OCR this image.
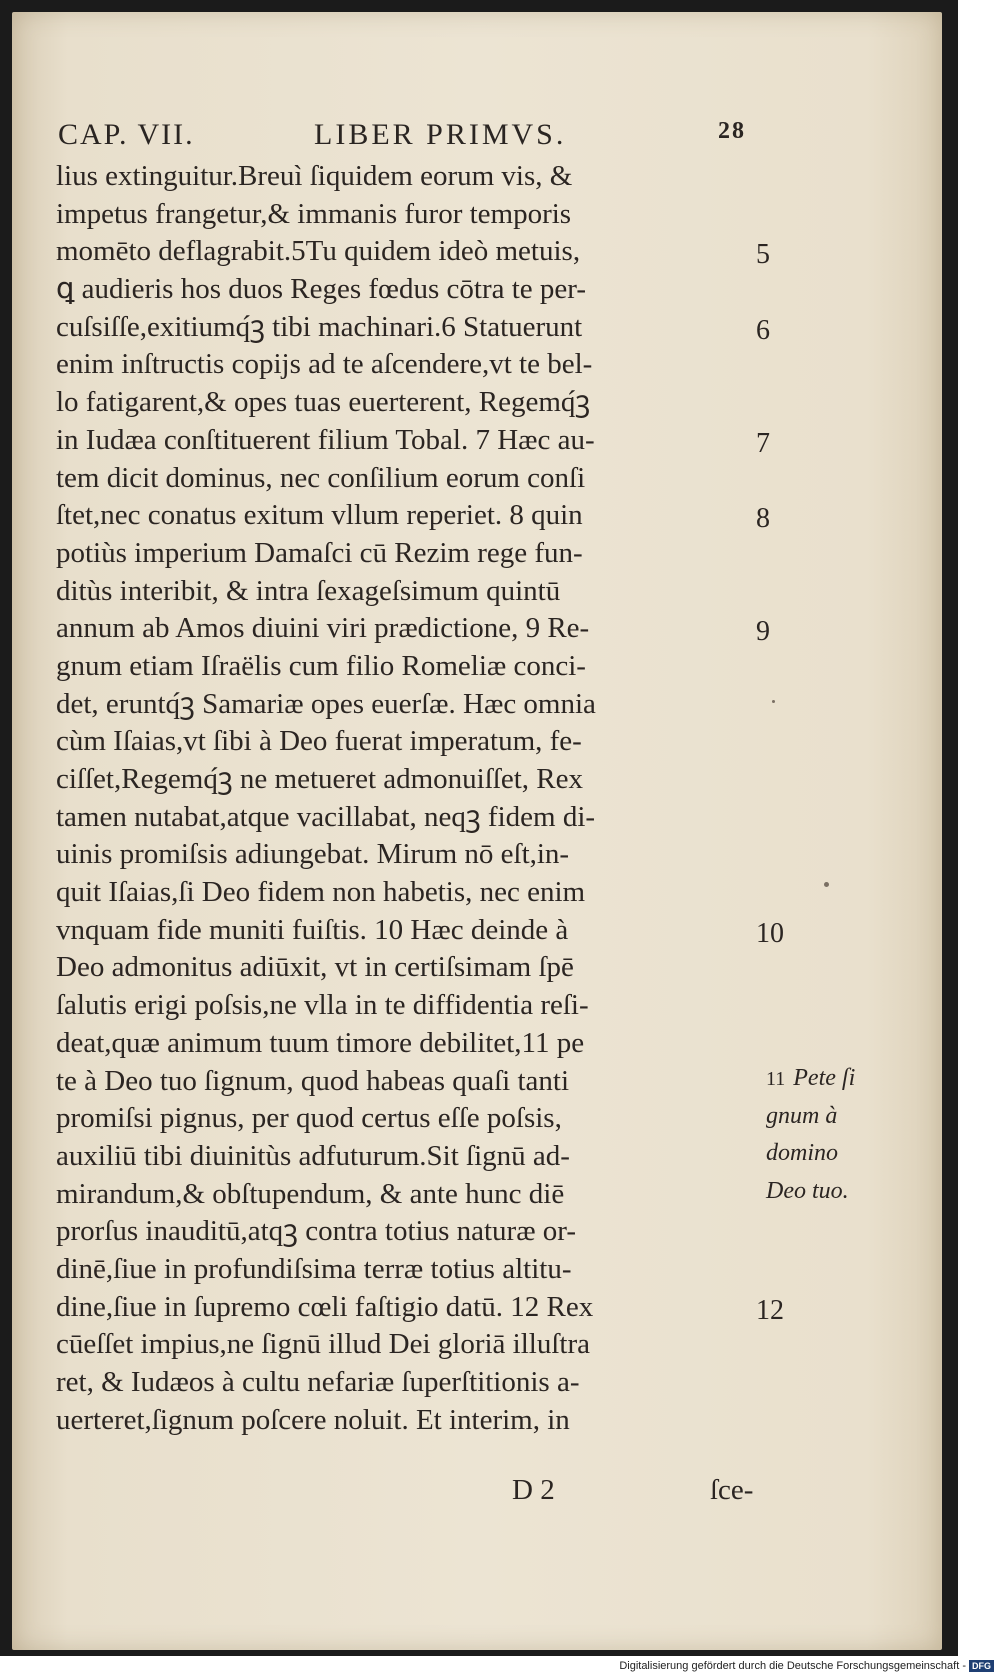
CAP. VII.	LIBER PRIMVS.	28
lius extinguitur.Breuì ſiquidem eorum vis, &
impetus frangetur,& immanis furor temporis
momēto deflagrabit.5Tu quidem ideò metuis,
ꝗ audieris hos duos Reges fœdus cōtra te per-
cuſsiſſe,exitiumq́ꝫ tibi machinari.6 Statuerunt
enim inſtructis copijs ad te aſcendere,vt te bel-
lo fatigarent,& opes tuas euerterent, Regemq́ꝫ
in Iudæa conſtituerent filium Tobal. 7 Hæc au-
tem dicit dominus, nec conſilium eorum conſi
ſtet,nec conatus exitum vllum reperiet. 8 quin
potiùs imperium Damaſci cū Rezim rege fun-
ditùs interibit, & intra ſexageſsimum quintū
annum ab Amos diuini viri prædictione, 9 Re-
gnum etiam Iſraëlis cum filio Romeliæ conci-
det, eruntq́ꝫ Samariæ opes euerſæ. Hæc omnia
cùm Iſaias,vt ſibi à Deo fuerat imperatum, fe-
ciſſet,Regemq́ꝫ ne metueret admonuiſſet, Rex
tamen nutabat,atque vacillabat, neqꝫ fidem di-
uinis promiſsis adiungebat. Mirum nō eſt,in-
quit Iſaias,ſi Deo fidem non habetis, nec enim
vnquam fide muniti fuiſtis. 10 Hæc deinde à
Deo admonitus adiūxit, vt in certiſsimam ſpē
ſalutis erigi poſsis,ne vlla in te diffidentia reſi-
deat,quæ animum tuum timore debilitet,11 pe
te à Deo tuo ſignum, quod habeas quaſi tanti
promiſsi pignus, per quod certus eſſe poſsis,
auxiliū tibi diuinitùs adfuturum.Sit ſignū ad-
mirandum,& obſtupendum, & ante hunc diē
prorſus inauditū,atqꝫ contra totius naturæ or-
dinē,ſiue in profundiſsima terræ totius altitu-
dine,ſiue in ſupremo cœli faſtigio datū. 12 Rex
cūeſſet impius,ne ſignū illud Dei gloriā illuſtra
ret, & Iudæos à cultu nefariæ ſuperſtitionis a-
uerteret,ſignum poſcere noluit. Et interim, in
5
6
7
8
9
10
12
11 Pete ſi
gnum à
domino
Deo tuo.
D 2	ſce-
Digitalisierung gefördert durch die Deutsche Forschungsgemeinschaft - DFG
